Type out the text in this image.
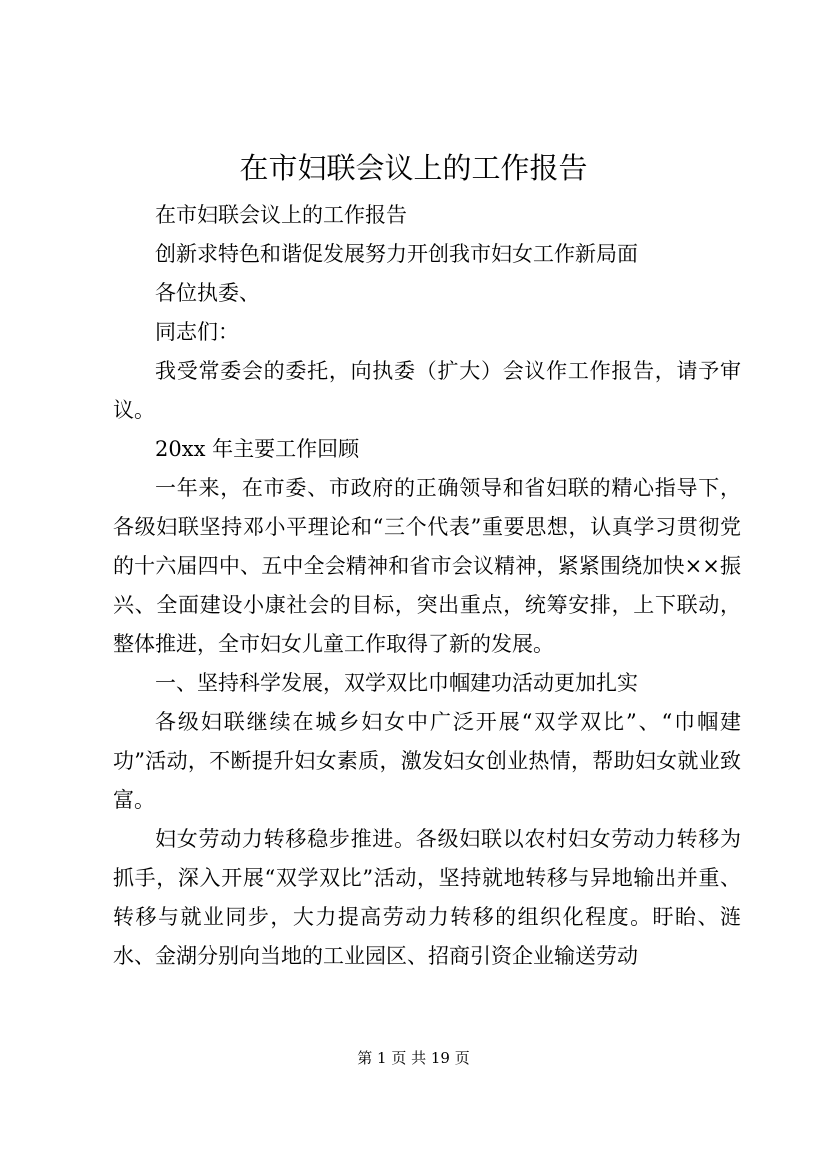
在市妇联会议上的工作报告

在市妇联会议上的工作报告

创新求特色和谐促发展努力开创我市妇女工作新局面

各位执委、

同志们：

我受常委会的委托，向执委（扩大）会议作工作报告，请予审议。

20xx 年主要工作回顾

一年来，在市委、市政府的正确领导和省妇联的精心指导下，各级妇联坚持邓小平理论和“三个代表”重要思想，认真学习贯彻党的十六届四中、五中全会精神和省市会议精神，紧紧围绕加快××振兴、全面建设小康社会的目标，突出重点，统筹安排，上下联动，整体推进，全市妇女儿童工作取得了新的发展。

一、坚持科学发展，双学双比巾帼建功活动更加扎实

各级妇联继续在城乡妇女中广泛开展“双学双比”、“巾帼建功”活动，不断提升妇女素质，激发妇女创业热情，帮助妇女就业致富。

妇女劳动力转移稳步推进。各级妇联以农村妇女劳动力转移为抓手，深入开展“双学双比”活动，坚持就地转移与异地输出并重、转移与就业同步，大力提高劳动力转移的组织化程度。盱眙、涟水、金湖分别向当地的工业园区、招商引资企业输送劳动

第 1 页 共 19 页
